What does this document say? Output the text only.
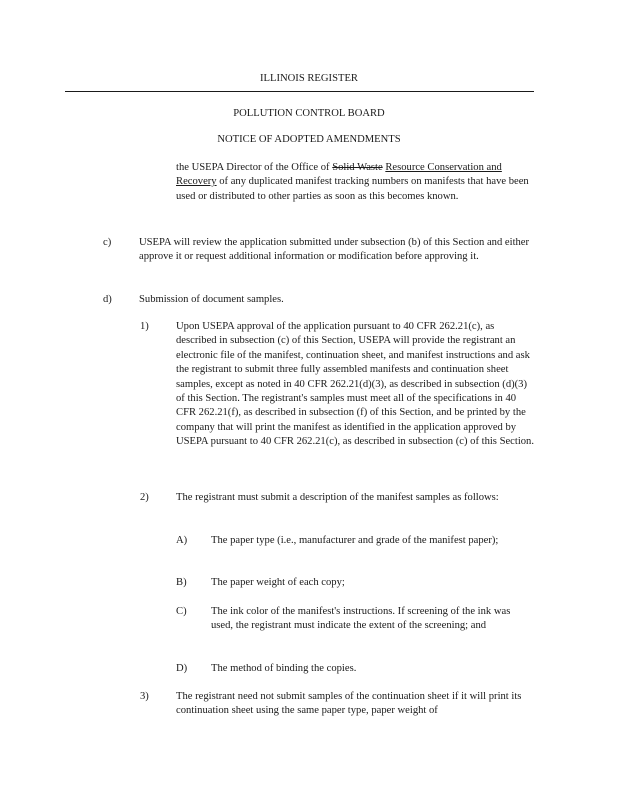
ILLINOIS REGISTER
POLLUTION CONTROL BOARD
NOTICE OF ADOPTED AMENDMENTS
the USEPA Director of the Office of Solid Waste Resource Conservation and Recovery of any duplicated manifest tracking numbers on manifests that have been used or distributed to other parties as soon as this becomes known.
c)	USEPA will review the application submitted under subsection (b) of this Section and either approve it or request additional information or modification before approving it.
d)	Submission of document samples.
1)	Upon USEPA approval of the application pursuant to 40 CFR 262.21(c), as described in subsection (c) of this Section, USEPA will provide the registrant an electronic file of the manifest, continuation sheet, and manifest instructions and ask the registrant to submit three fully assembled manifests and continuation sheet samples, except as noted in 40 CFR 262.21(d)(3), as described in subsection (d)(3) of this Section. The registrant's samples must meet all of the specifications in 40 CFR 262.21(f), as described in subsection (f) of this Section, and be printed by the company that will print the manifest as identified in the application approved by USEPA pursuant to 40 CFR 262.21(c), as described in subsection (c) of this Section.
2)	The registrant must submit a description of the manifest samples as follows:
A) The paper type (i.e., manufacturer and grade of the manifest paper);
B) The paper weight of each copy;
C) The ink color of the manifest's instructions. If screening of the ink was used, the registrant must indicate the extent of the screening; and
D) The method of binding the copies.
3)	The registrant need not submit samples of the continuation sheet if it will print its continuation sheet using the same paper type, paper weight of
